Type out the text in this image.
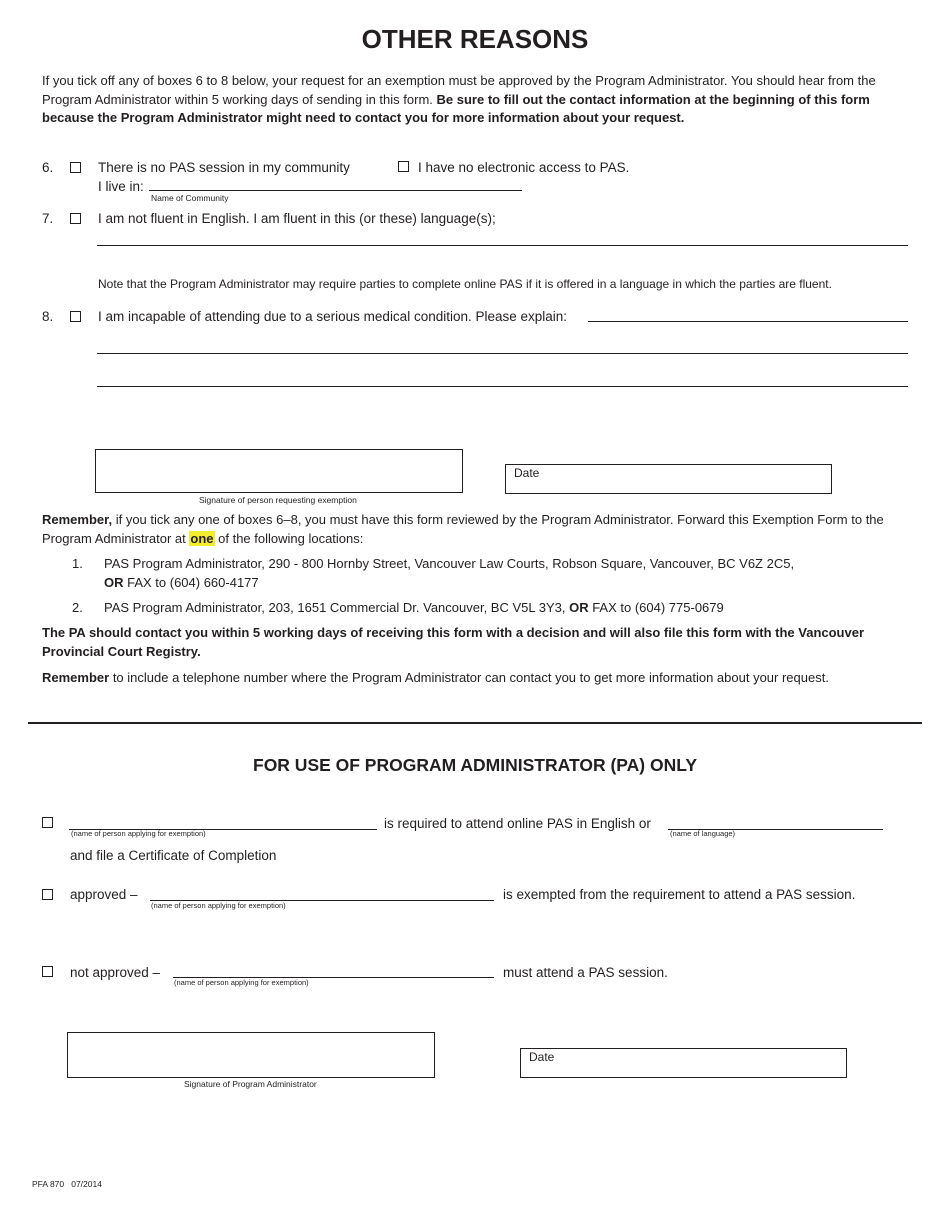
OTHER REASONS

If you tick off any of boxes 6 to 8 below, your request for an exemption must be approved by the Program Administrator. You should hear from the Program Administrator within 5 working days of sending in this form. Be sure to fill out the contact information at the beginning of this form because the Program Administrator might need to contact you for more information about your request.

6.	There is no PAS session in my community	I have no electronic access to PAS.
I live in:
Name of Community
7.	I am not fluent in English. I am fluent in this (or these) language(s);
Note that the Program Administrator may require parties to complete online PAS if it is offered in a language in which the parties are fluent.
8.	I am incapable of attending due to a serious medical condition. Please explain:
Signature of person requesting exemption
Date

Remember, if you tick any one of boxes 6–8, you must have this form reviewed by the Program Administrator. Forward this Exemption Form to the Program Administrator at one of the following locations:

1. PAS Program Administrator, 290 - 800 Hornby Street, Vancouver Law Courts, Robson Square, Vancouver, BC V6Z 2C5,
OR FAX to (604) 660-4177

2. PAS Program Administrator, 203, 1651 Commercial Dr. Vancouver, BC V5L 3Y3, OR FAX to (604) 775-0679

The PA should contact you within 5 working days of receiving this form with a decision and will also file this form with the Vancouver Provincial Court Registry.

Remember to include a telephone number where the Program Administrator can contact you to get more information about your request.

FOR USE OF PROGRAM ADMINISTRATOR (PA) ONLY
(name of person applying for exemption)
is required to attend online PAS in English or
(name of language)
and file a Certificate of Completion
approved –
(name of person applying for exemption)
is exempted from the requirement to attend a PAS session.
not approved –
(name of person applying for exemption)
must attend a PAS session.
Signature of Program Administrator
Date
PFA 870   07/2014
